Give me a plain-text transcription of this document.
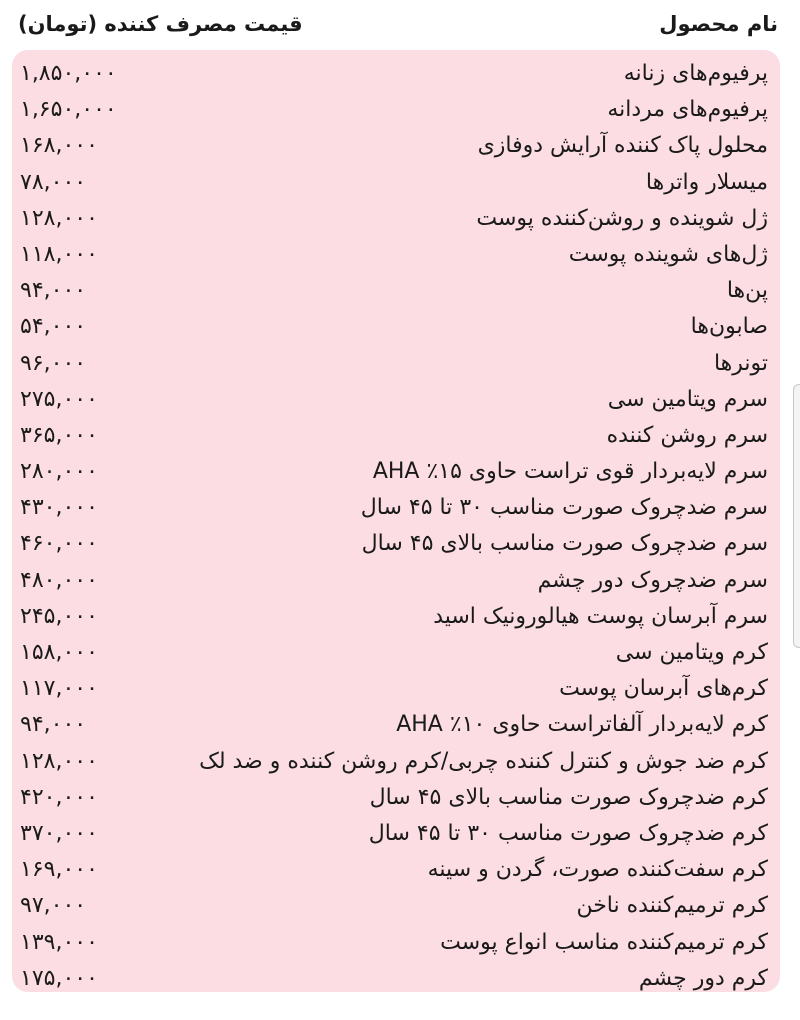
نام محصول
قیمت مصرف کننده (تومان)
پرفیوم‌های زنانه
۱,۸۵۰,۰۰۰
پرفیوم‌های مردانه
۱,۶۵۰,۰۰۰
محلول پاک کننده آرایش دوفازی
۱۶۸,۰۰۰
میسلار واترها
۷۸,۰۰۰
ژل شوینده و روشن‌کننده پوست
۱۲۸,۰۰۰
ژل‌های شوینده پوست
۱۱۸,۰۰۰
پن‌ها
۹۴,۰۰۰
صابون‌ها
۵۴,۰۰۰
تونرها
۹۶,۰۰۰
سرم ویتامین سی
۲۷۵,۰۰۰
سرم روشن کننده
۳۶۵,۰۰۰
سرم لایه‌بردار قوی تراست حاوی ۱۵٪ AHA
۲۸۰,۰۰۰
سرم ضدچروک صورت مناسب ۳۰ تا ۴۵ سال
۴۳۰,۰۰۰
سرم ضدچروک صورت مناسب بالای ۴۵ سال
۴۶۰,۰۰۰
سرم ضدچروک دور چشم
۴۸۰,۰۰۰
سرم آبرسان پوست هیالورونیک اسید
۲۴۵,۰۰۰
کرم ویتامین سی
۱۵۸,۰۰۰
کرم‌های آبرسان پوست
۱۱۷,۰۰۰
کرم لایه‌بردار آلفاتراست حاوی ۱۰٪ AHA
۹۴,۰۰۰
کرم ضد جوش و کنترل کننده چربی/کرم روشن کننده و ضد لک
۱۲۸,۰۰۰
کرم ضدچروک صورت مناسب بالای ۴۵ سال
۴۲۰,۰۰۰
کرم ضدچروک صورت مناسب ۳۰ تا ۴۵ سال
۳۷۰,۰۰۰
کرم سفت‌کننده صورت، گردن و سینه
۱۶۹,۰۰۰
کرم ترمیم‌کننده ناخن
۹۷,۰۰۰
کرم ترمیم‌کننده مناسب انواع پوست
۱۳۹,۰۰۰
کرم دور چشم
۱۷۵,۰۰۰
